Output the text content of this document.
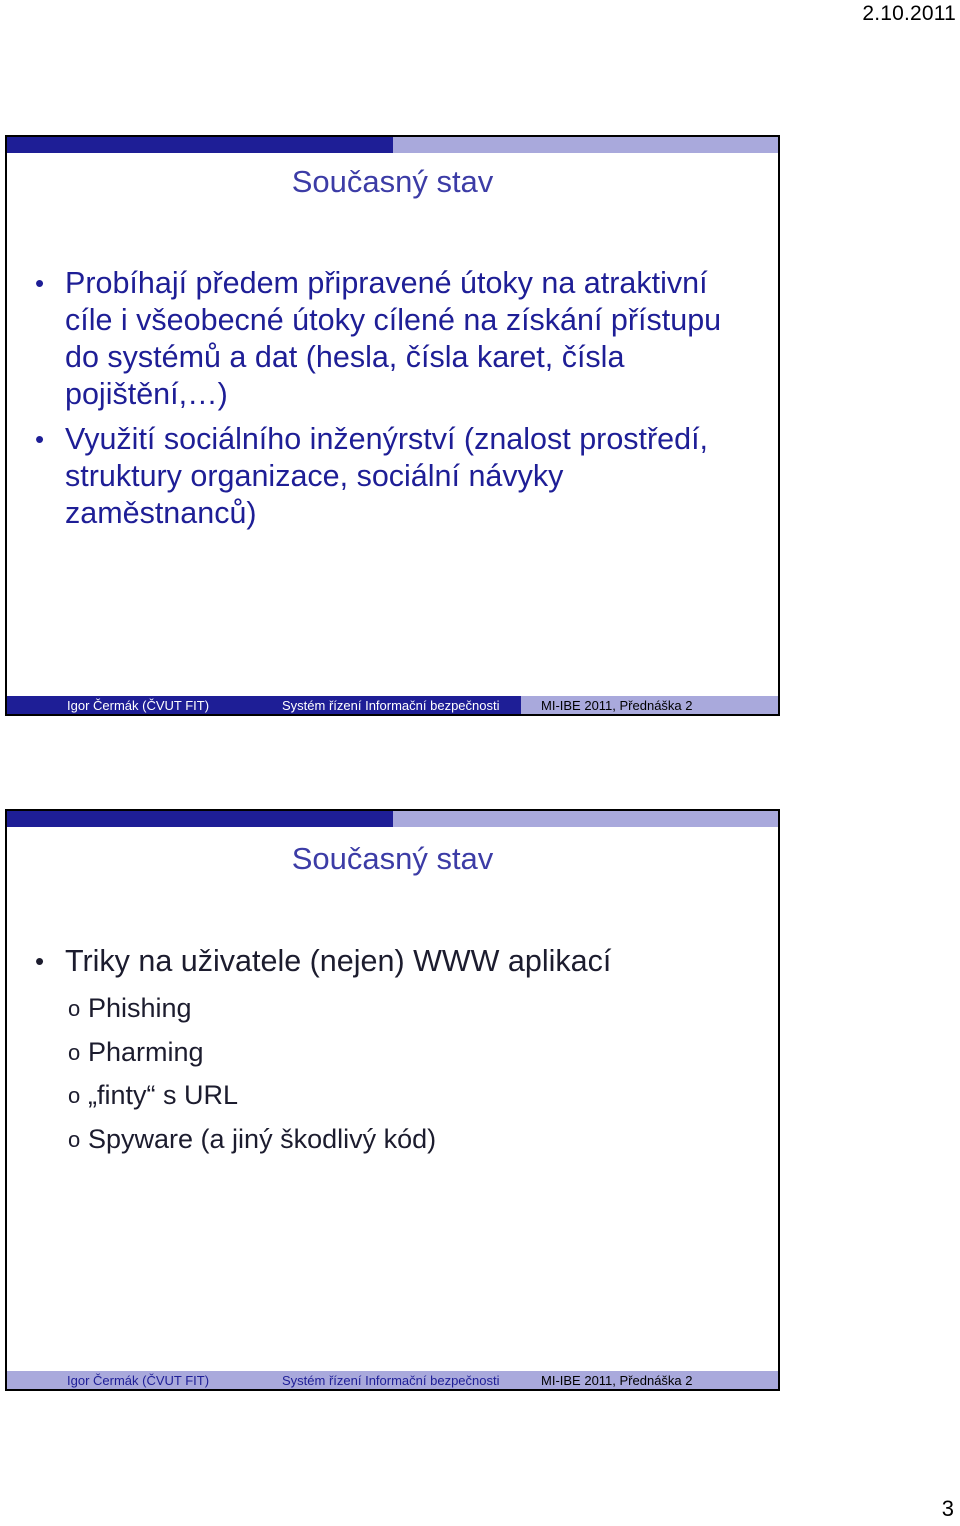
2.10.2011
Současný stav
• Probíhají předem připravené útoky na atraktivní cíle i všeobecné útoky cílené na získání přístupu do systémů a dat (hesla, čísla karet, čísla pojištění,…)
• Využití sociálního inženýrství (znalost prostředí, struktury organizace, sociální návyky zaměstnanců)
Igor Čermák (ČVUT FIT)	Systém řízení Informační bezpečnosti	MI-IBE 2011, Přednáška 2
Současný stav
• Triky na uživatele (nejen) WWW aplikací
o Phishing
o Pharming
o „finty“ s URL
o Spyware (a jiný škodlivý kód)
Igor Čermák (ČVUT FIT)	Systém řízení Informační bezpečnosti	MI-IBE 2011, Přednáška 2
3
